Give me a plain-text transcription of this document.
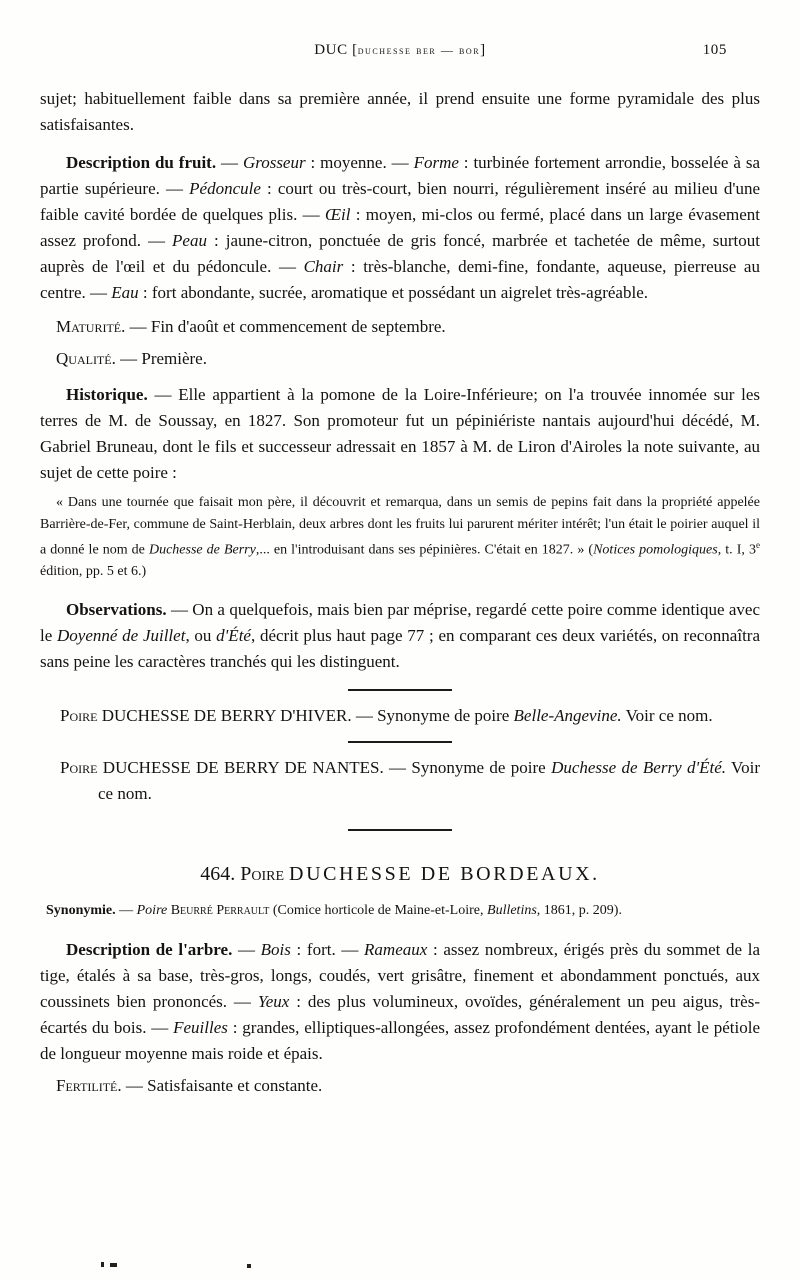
DUC [duchesse ber — bor]	105

sujet; habituellement faible dans sa première année, il prend ensuite une forme pyramidale des plus satisfaisantes.

Description du fruit. — Grosseur : moyenne. — Forme : turbinée fortement arrondie, bosselée à sa partie supérieure. — Pédoncule : court ou très-court, bien nourri, régulièrement inséré au milieu d'une faible cavité bordée de quelques plis. — Œil : moyen, mi-clos ou fermé, placé dans un large évasement assez profond. — Peau : jaune-citron, ponctuée de gris foncé, marbrée et tachetée de même, surtout auprès de l'œil et du pédoncule. — Chair : très-blanche, demi-fine, fondante, aqueuse, pierreuse au centre. — Eau : fort abondante, sucrée, aromatique et possédant un aigrelet très-agréable.

Maturité. — Fin d'août et commencement de septembre.

Qualité. — Première.

Historique. — Elle appartient à la pomone de la Loire-Inférieure; on l'a trouvée innomée sur les terres de M. de Soussay, en 1827. Son promoteur fut un pépiniériste nantais aujourd'hui décédé, M. Gabriel Bruneau, dont le fils et successeur adressait en 1857 à M. de Liron d'Airoles la note suivante, au sujet de cette poire :

« Dans une tournée que faisait mon père, il découvrit et remarqua, dans un semis de pepins fait dans la propriété appelée Barrière-de-Fer, commune de Saint-Herblain, deux arbres dont les fruits lui parurent mériter intérêt; l'un était le poirier auquel il a donné le nom de Duchesse de Berry,... en l'introduisant dans ses pépinières. C'était en 1827. » (Notices pomologiques, t. I, 3e édition, pp. 5 et 6.)

Observations. — On a quelquefois, mais bien par méprise, regardé cette poire comme identique avec le Doyenné de Juillet, ou d'Été, décrit plus haut page 77 ; en comparant ces deux variétés, on reconnaîtra sans peine les caractères tranchés qui les distinguent.

Poire DUCHESSE DE BERRY D'HIVER. — Synonyme de poire Belle-Angevine. Voir ce nom.

Poire DUCHESSE DE BERRY DE NANTES. — Synonyme de poire Duchesse de Berry d'Été. Voir ce nom.

464. Poire DUCHESSE DE BORDEAUX.

Synonymie. — Poire Beurré Perrault (Comice horticole de Maine-et-Loire, Bulletins, 1861, p. 209).

Description de l'arbre. — Bois : fort. — Rameaux : assez nombreux, érigés près du sommet de la tige, étalés à sa base, très-gros, longs, coudés, vert grisâtre, finement et abondamment ponctués, aux coussinets bien prononcés. — Yeux : des plus volumineux, ovoïdes, généralement un peu aigus, très-écartés du bois. — Feuilles : grandes, elliptiques-allongées, assez profondément dentées, ayant le pétiole de longueur moyenne mais roide et épais.

Fertilité. — Satisfaisante et constante.
